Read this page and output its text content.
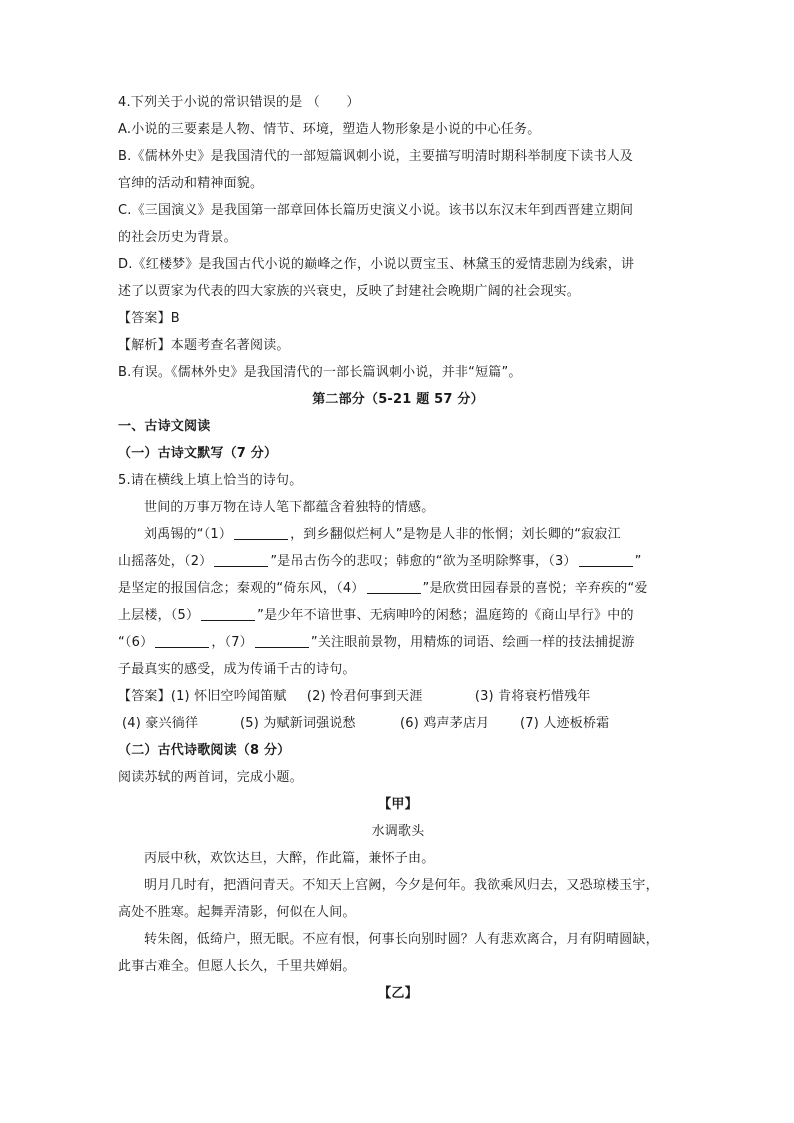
4.下列关于小说的常识错误的是 （　　）
A.小说的三要素是人物、情节、环境，塑造人物形象是小说的中心任务。
B.《儒林外史》是我国清代的一部短篇讽刺小说，主要描写明清时期科举制度下读书人及
官绅的活动和精神面貌。
C.《三国演义》是我国第一部章回体长篇历史演义小说。该书以东汉末年到西晋建立期间
的社会历史为背景。
D.《红楼梦》是我国古代小说的巅峰之作，小说以贾宝玉、林黛玉的爱情悲剧为线索，讲
述了以贾家为代表的四大家族的兴衰史，反映了封建社会晚期广阔的社会现实。
【答案】B
【解析】本题考查名著阅读。
B.有误。《儒林外史》是我国清代的一部长篇讽刺小说，并非“短篇”。
第二部分（5-21 题 57 分）
一、古诗文阅读
（一）古诗文默写（7 分）
5.请在横线上填上恰当的诗句。
世间的万事万物在诗人笔下都蕴含着独特的情感。
刘禹锡的“（1）	，到乡翻似烂柯人”是物是人非的怅惘；刘长卿的“寂寂江
山摇落处，（2）	”是吊古伤今的悲叹；韩愈的“欲为圣明除弊事，（3）	”
是坚定的报国信念；秦观的“倚东风，（4）	”是欣赏田园春景的喜悦；辛弃疾的“爱
上层楼，（5）	”是少年不谙世事、无病呻吟的闲愁；温庭筠的《商山早行》中的
“（6）	，（7）	”关注眼前景物，用精炼的词语、绘画一样的技法捕捉游
子最真实的感受，成为传诵千古的诗句。
【答案】(1) 怀旧空吟闻笛赋 (2) 怜君何事到天涯	(3) 肯将衰朽惜残年
(4) 豪兴徜徉	(5) 为赋新词强说愁	(6) 鸡声茅店月 (7) 人迹板桥霜
（二）古代诗歌阅读（8 分）
阅读苏轼的两首词，完成小题。
【甲】
水调歌头
丙辰中秋，欢饮达旦，大醉，作此篇，兼怀子由。
明月几时有，把酒问青天。不知天上宫阙，今夕是何年。我欲乘风归去，又恐琼楼玉宇，
高处不胜寒。起舞弄清影，何似在人间。
转朱阁，低绮户，照无眠。不应有恨，何事长向别时圆？人有悲欢离合，月有阴晴圆缺，
此事古难全。但愿人长久，千里共婵娟。
【乙】
